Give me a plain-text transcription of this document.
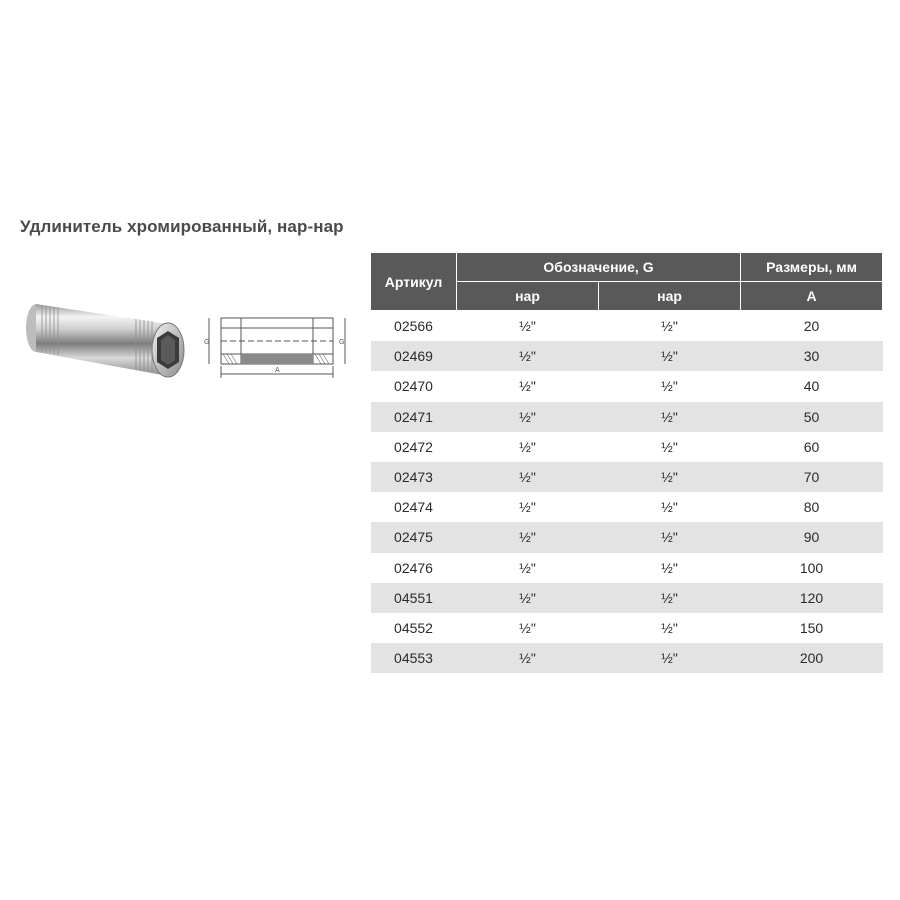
Удлинитель хромированный, нар-нар
G	G
A
Артикул	Обозначение, G		Размеры, мм
	нар	нар	A
02566	½"	½"	20
02469	½"	½"	30
02470	½"	½"	40
02471	½"	½"	50
02472	½"	½"	60
02473	½"	½"	70
02474	½"	½"	80
02475	½"	½"	90
02476	½"	½"	100
04551	½"	½"	120
04552	½"	½"	150
04553	½"	½"	200
